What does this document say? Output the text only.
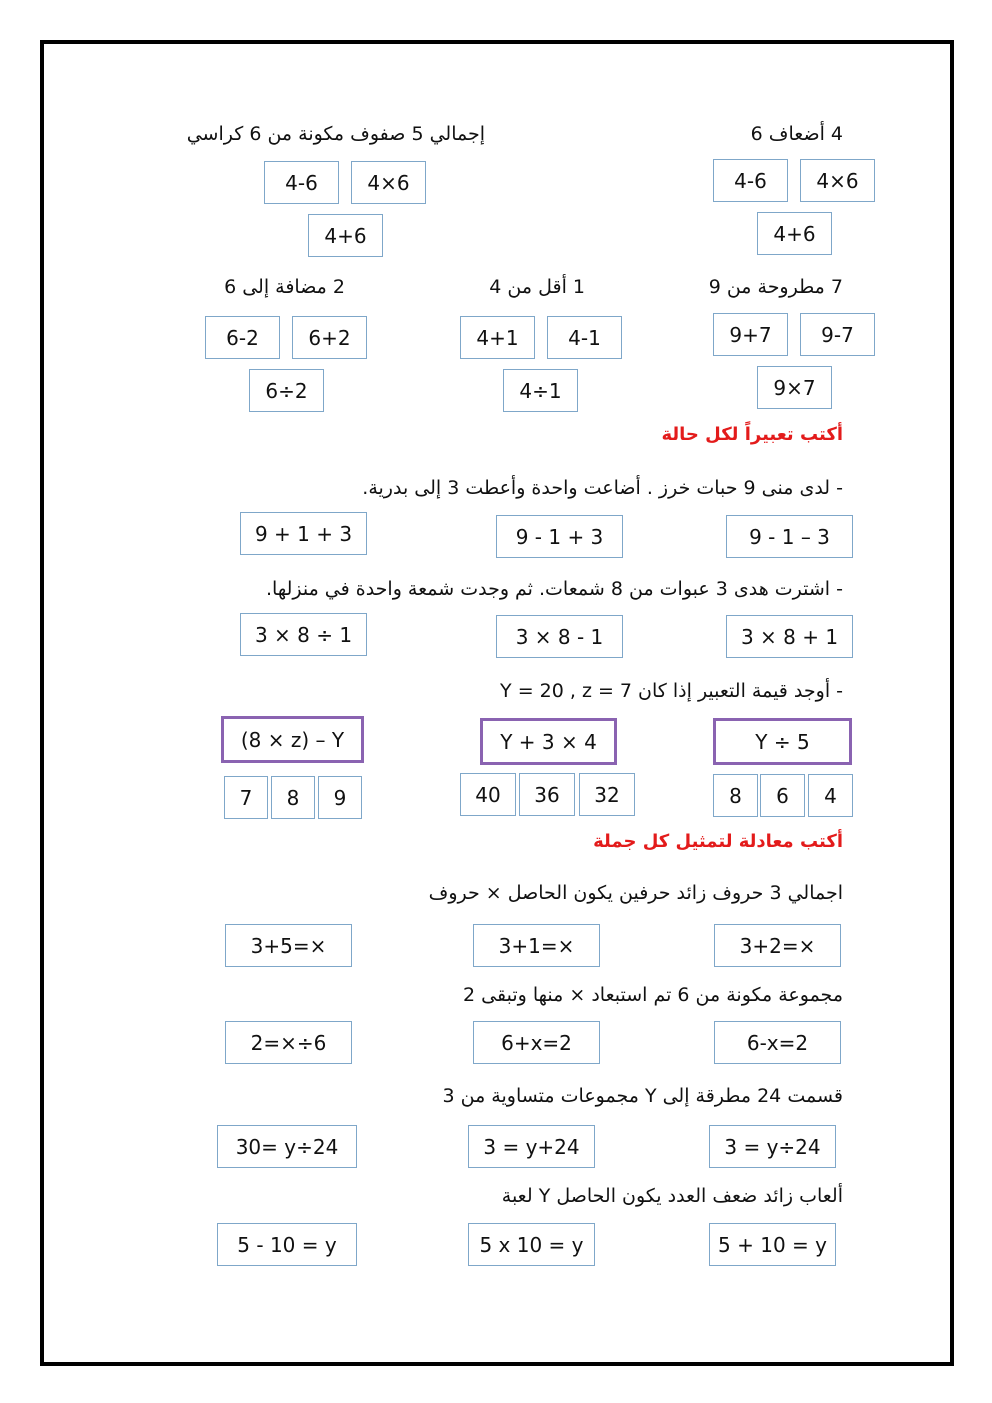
4 أضعاف 6
4-6	4×6
4+6
إجمالي 5 صفوف مكونة من 6 كراسي
4-6	4×6
4+6
7 مطروحة من 9
9+7	9-7
9×7
1 أقل من 4
4+1	4-1
4÷1
2 مضافة إلى 6
6-2	6+2
6÷2
أكتب تعبيراً لكل حالة
- لدى منى 9 حبات خرز . أضاعت واحدة وأعطت 3 إلى بدرية.
9 - 1 – 3
9 - 1 + 3
9 + 1 + 3
- اشترت هدى 3 عبوات من 8 شمعات. ثم وجدت شمعة واحدة في منزلها.
3 × 8 + 1
3 × 8 - 1
3 × 8 ÷ 1
- أوجد قيمة التعبير إذا كان Y = 20 , z = 7
Y ÷ 5
8	6	4
Y + 3 × 4
40	36	32
(8 × z) – Y
7	8	9
أكتب معادلة لتمثيل كل جملة
اجمالي 3 حروف زائد حرفين يكون الحاصل × حروف
3+2=×
3+1=×
3+5=×
مجموعة مكونة من 6 تم استبعاد × منها وتبقى 2
6-x=2
6+x=2
2=×÷6
قسمت 24 مطرقة إلى Y مجموعات متساوية من 3
3 = y÷24
3 = y+24
30= y÷24
ألعاب زائد ضعف العدد يكون الحاصل Y لعبة
5 + 10 = y
5 x 10 = y
5 - 10 = y
